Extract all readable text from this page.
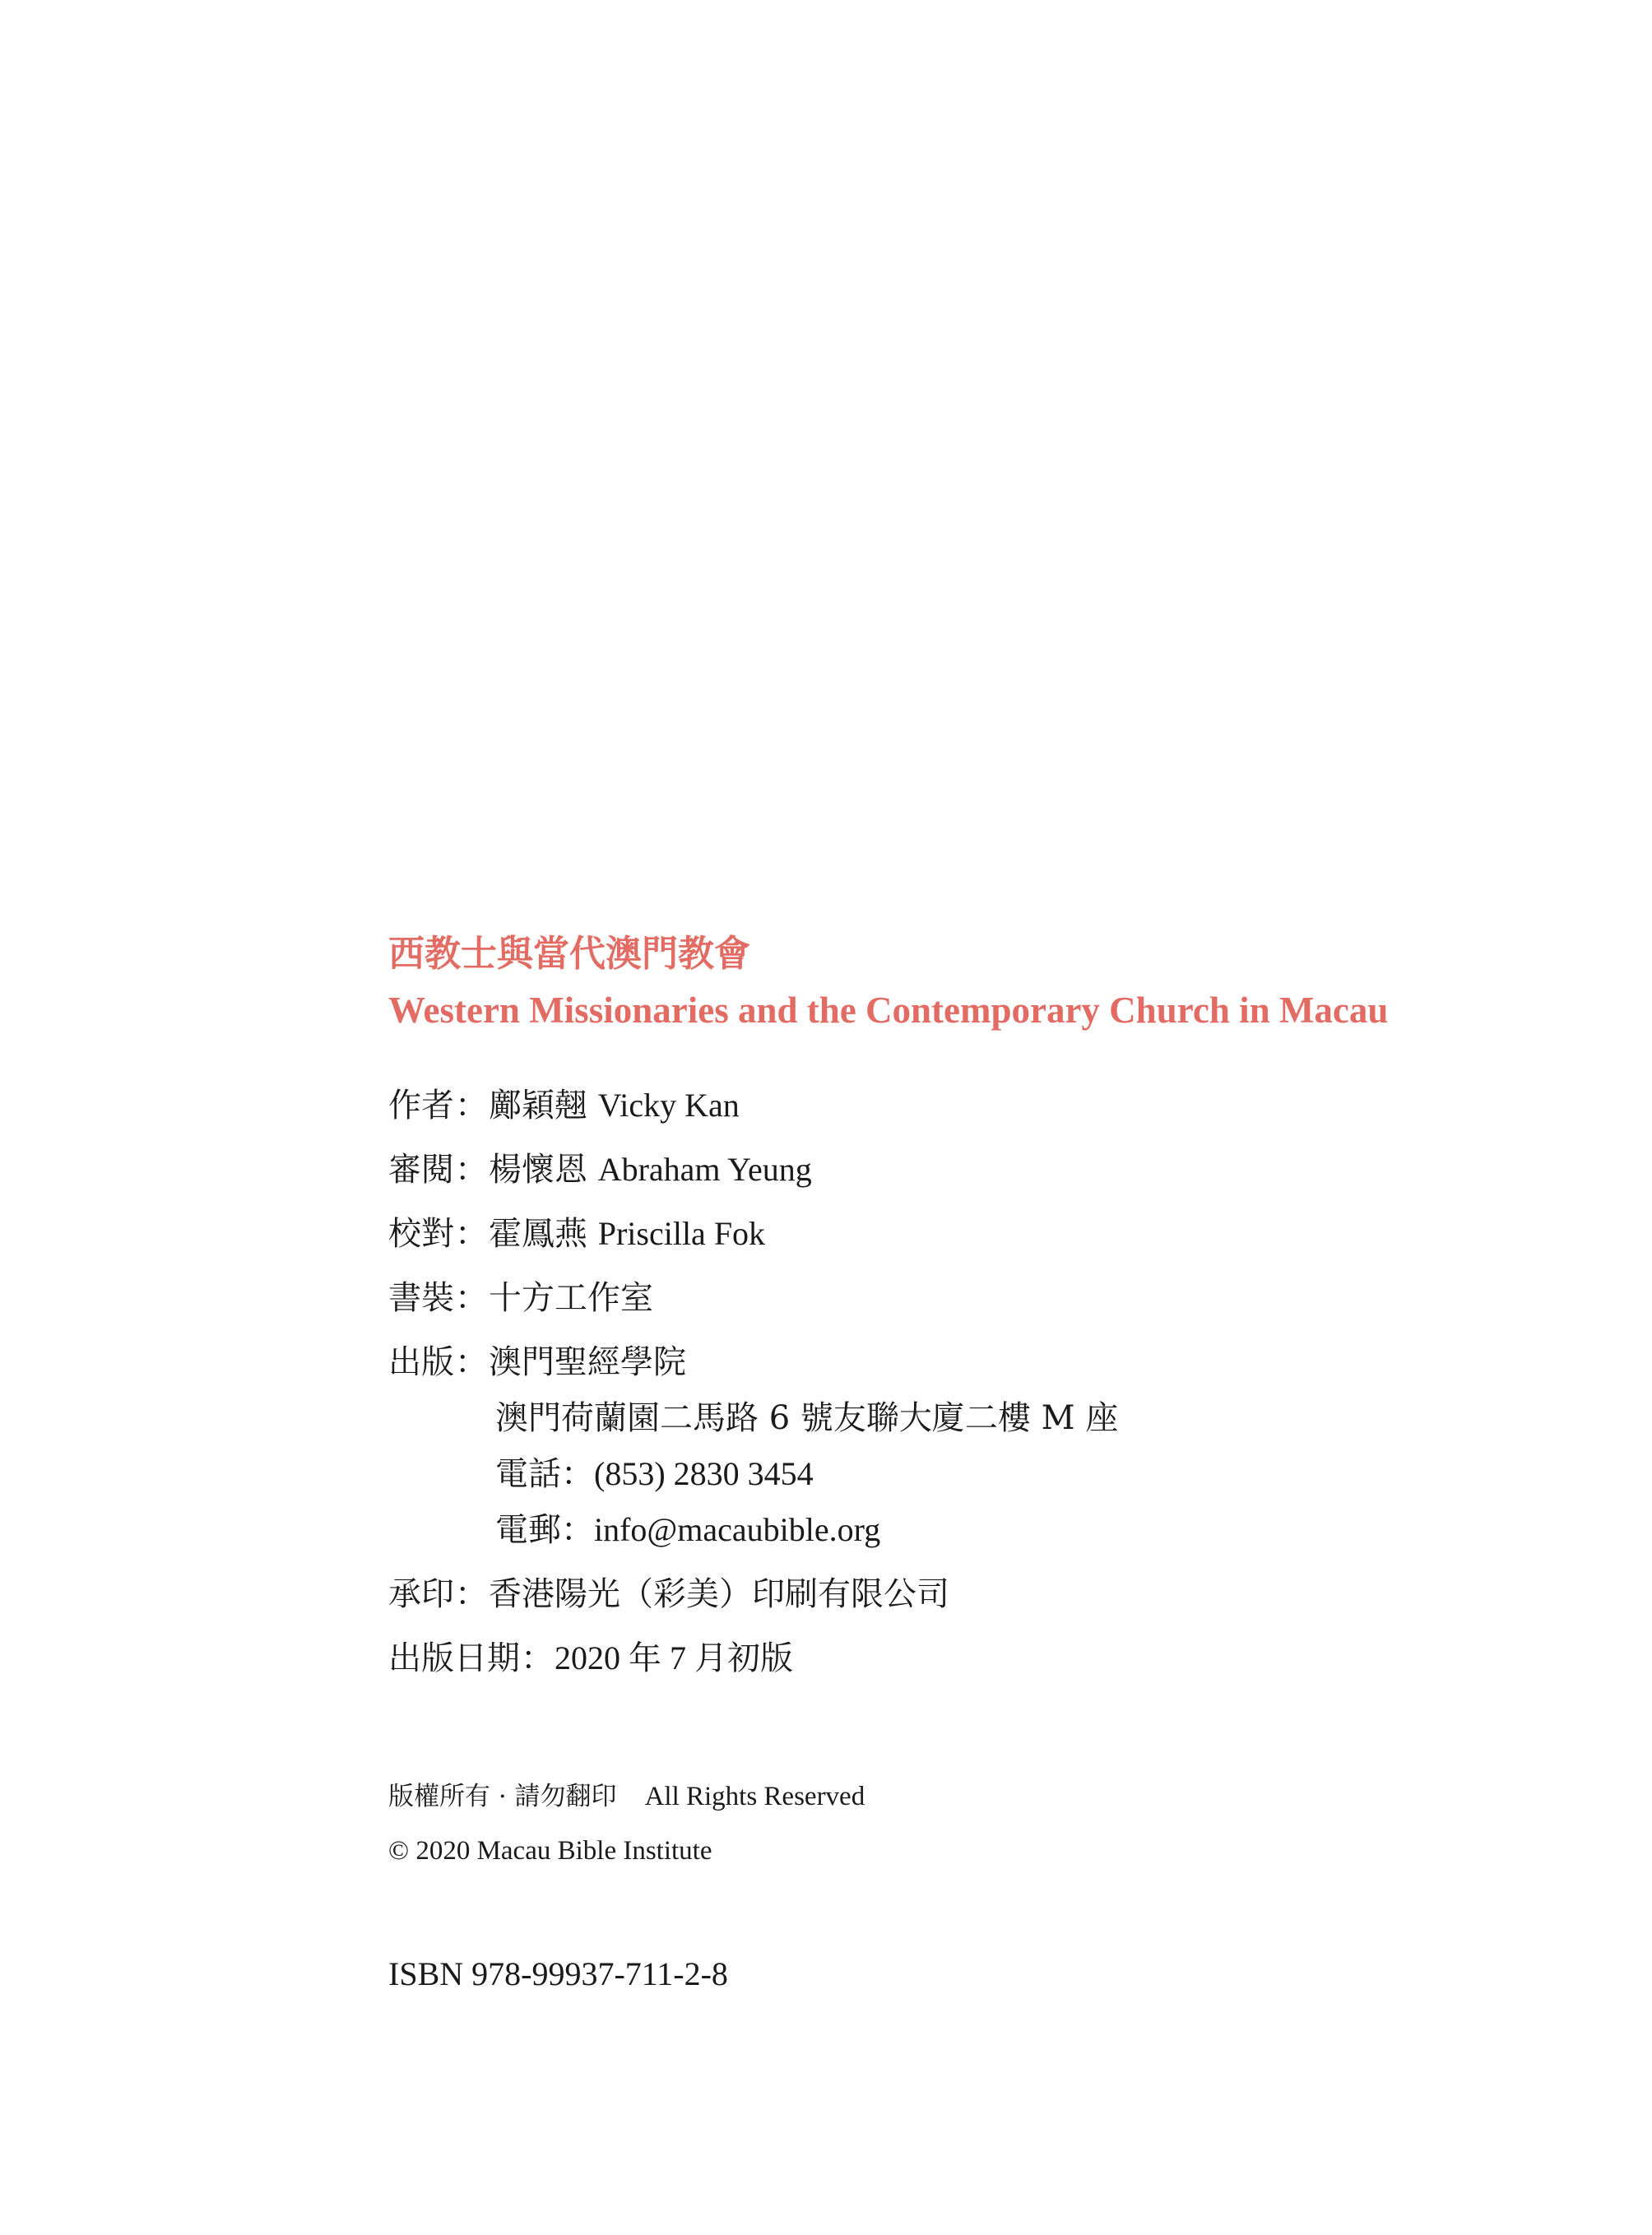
西教士與當代澳門教會
Western Missionaries and the Contemporary Church in Macau
作者：鄺穎翹 Vicky Kan
審閱：楊懷恩 Abraham Yeung
校對：霍鳳燕 Priscilla Fok
書裝：十方工作室
出版：澳門聖經學院
澳門荷蘭園二馬路 6 號友聯大廈二樓 M 座
電話：(853) 2830 3454
電郵：info@macaubible.org
承印：香港陽光（彩美）印刷有限公司
出版日期：2020 年 7 月初版
版權所有 · 請勿翻印 All Rights Reserved
© 2020 Macau Bible Institute
ISBN 978-99937-711-2-8
